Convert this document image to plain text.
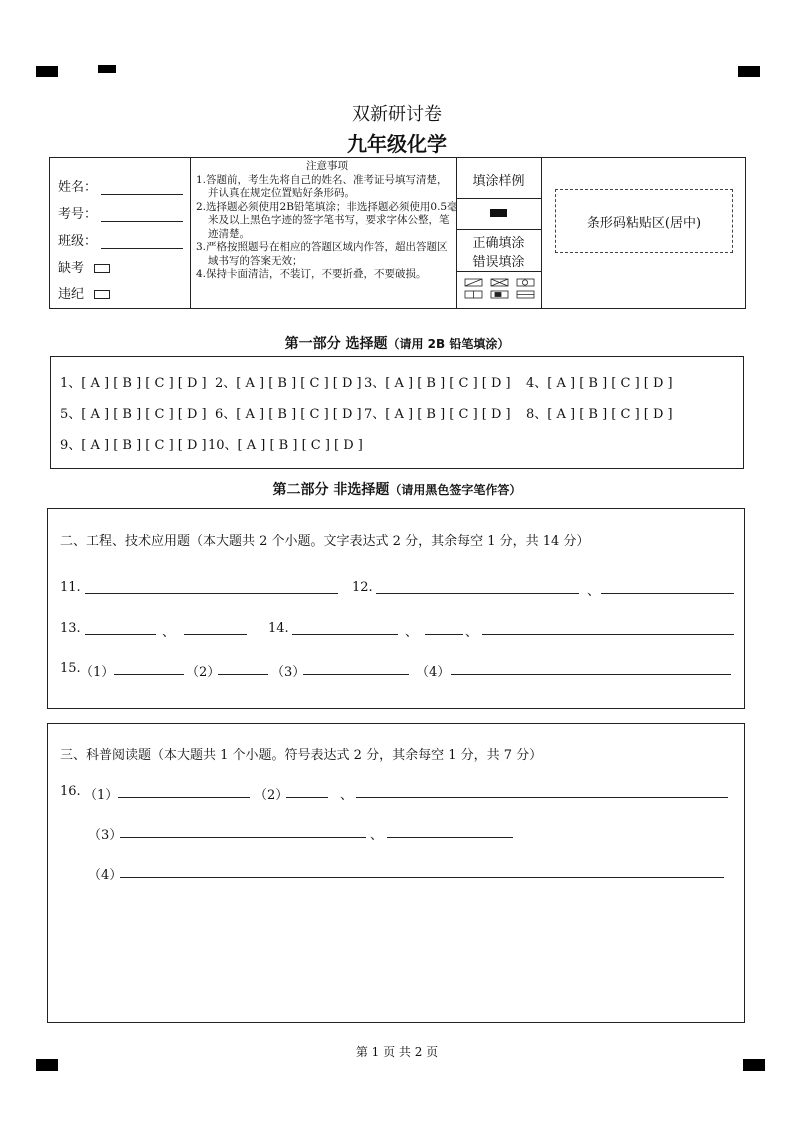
双新研讨卷
九年级化学
姓名：
考号：
班级：
缺考
违纪
注意事项
1.答题前，考生先将自己的姓名、准考证号填写清楚，并认真在规定位置贴好条形码。
2.选择题必须使用2B铅笔填涂；非选择题必须使用0.5毫米及以上黑色字迹的签字笔书写，要求字体公整，笔迹清楚。
3.严格按照题号在相应的答题区域内作答，超出答题区域书写的答案无效；
4.保持卡面清洁，不装订，不要折叠，不要破损。
填涂样例
正确填涂
错误填涂
条形码粘贴区(居中)
第一部分 选择题（请用 2B 铅笔填涂）
1、[ A ] [ B ] [ C ] [ D ] 2、[ A ] [ B ] [ C ] [ D ] 3、[ A ] [ B ] [ C ] [ D ] 4、[ A ] [ B ] [ C ] [ D ]
5、[ A ] [ B ] [ C ] [ D ] 6、[ A ] [ B ] [ C ] [ D ] 7、[ A ] [ B ] [ C ] [ D ] 8、[ A ] [ B ] [ C ] [ D ]
9、[ A ] [ B ] [ C ] [ D ] 10、[ A ] [ B ] [ C ] [ D ]
第二部分 非选择题（请用黑色签字笔作答）
二、工程、技术应用题（本大题共 2 个小题。文字表达式 2 分，其余每空 1 分，共 14 分）
11.	12.	、
13.	、	14.	、	、
15. （1）	（2）	（3）	（4）
三、科普阅读题（本大题共 1 个小题。符号表达式 2 分，其余每空 1 分，共 7 分）
16. （1）	（2）	、
（3）	、
（4）
第 1 页 共 2 页
